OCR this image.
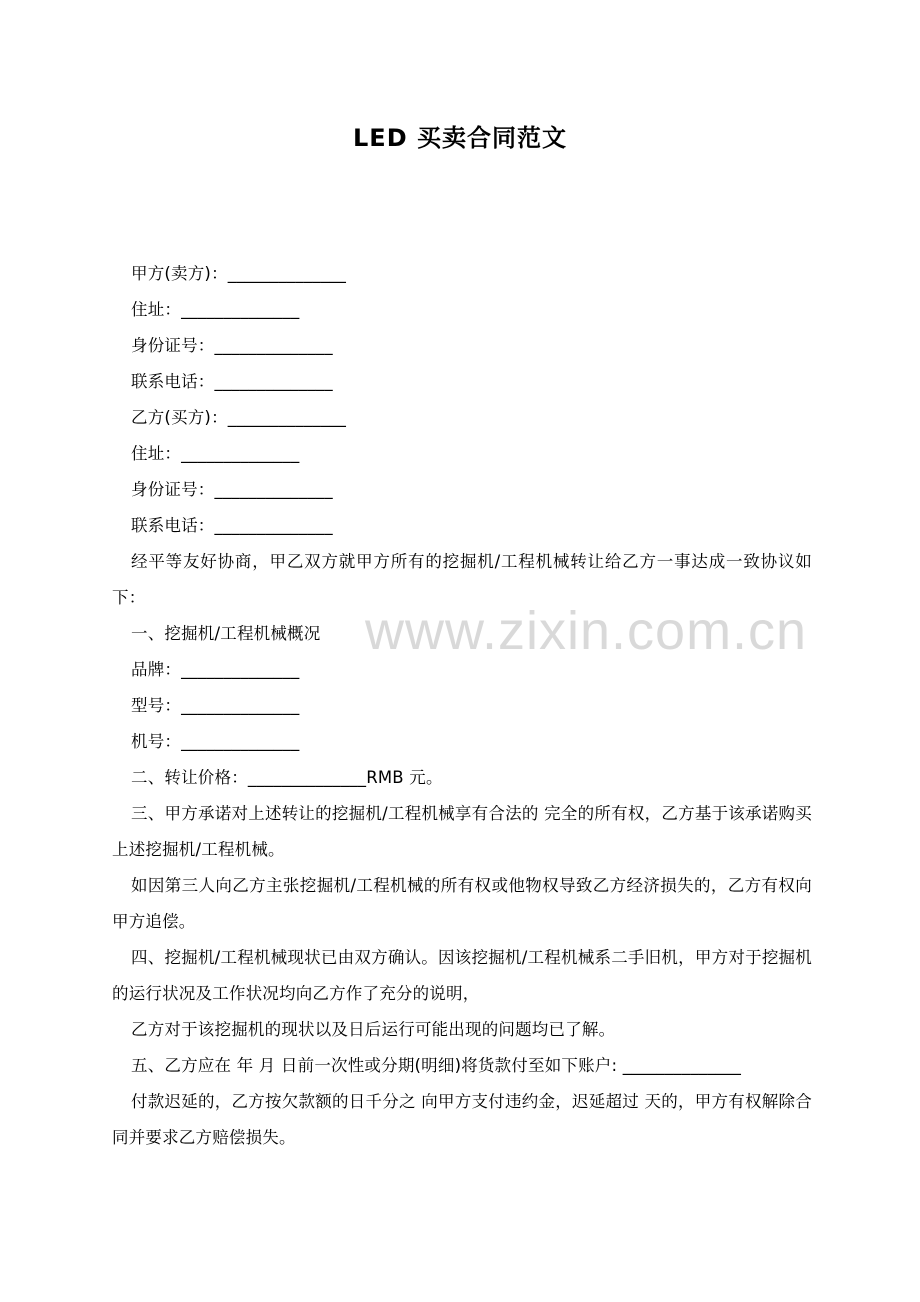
www.zixin.com.cn
LED 买卖合同范文
甲方(卖方)：______________
住址：______________
身份证号：______________
联系电话：______________
乙方(买方)：______________
住址：______________
身份证号：______________
联系电话：______________
经平等友好协商，甲乙双方就甲方所有的挖掘机/工程机械转让给乙方一事达成一致协议如下：
一、挖掘机/工程机械概况
品牌：______________
型号：______________
机号：______________
二、转让价格：______________RMB 元。
三、甲方承诺对上述转让的挖掘机/工程机械享有合法的 完全的所有权，乙方基于该承诺购买上述挖掘机/工程机械。
如因第三人向乙方主张挖掘机/工程机械的所有权或他物权导致乙方经济损失的，乙方有权向甲方追偿。
四、挖掘机/工程机械现状已由双方确认。因该挖掘机/工程机械系二手旧机，甲方对于挖掘机的运行状况及工作状况均向乙方作了充分的说明，
乙方对于该挖掘机的现状以及日后运行可能出现的问题均已了解。
五、乙方应在 年 月 日前一次性或分期(明细)将货款付至如下账户: ______________
付款迟延的，乙方按欠款额的日千分之 向甲方支付违约金，迟延超过 天的，甲方有权解除合同并要求乙方赔偿损失。
